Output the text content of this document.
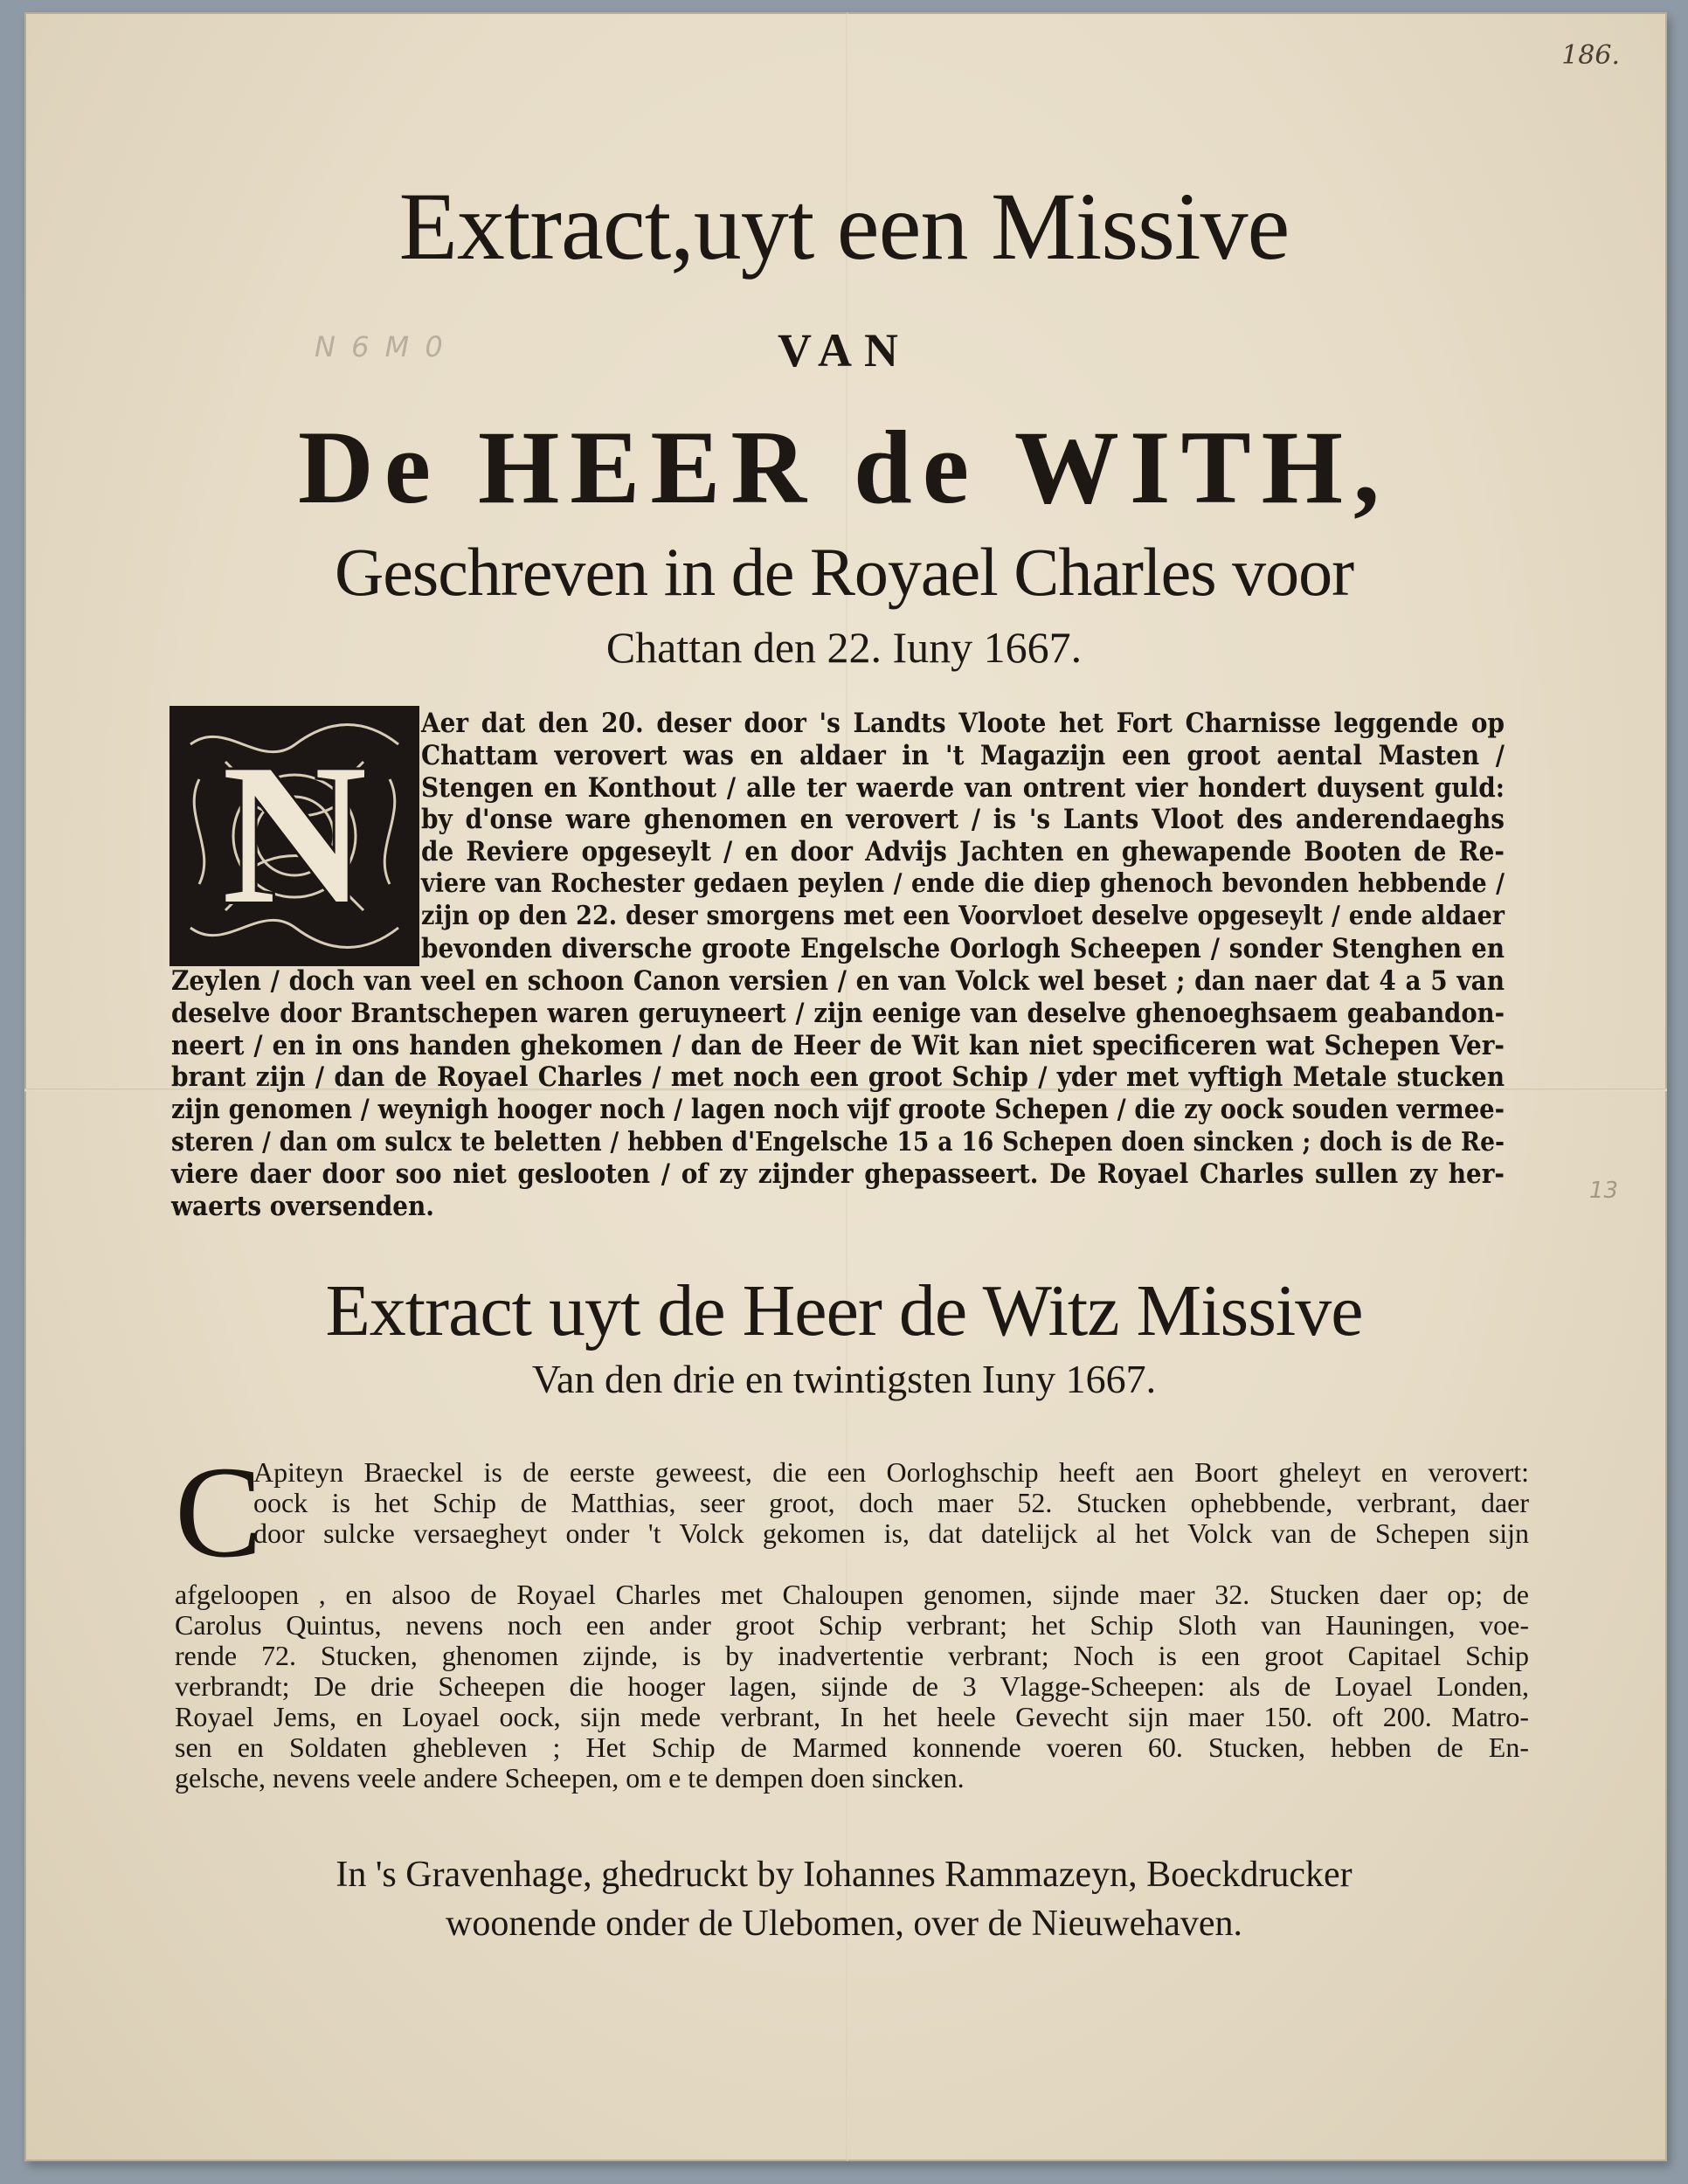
186.
N 6 M 0
13
Extract,uyt een Missive
VAN
De HEER de WITH,
Geschreven in de Royael Charles voor
Chattan den 22. Iuny 1667.
N Aer dat den 20. deser door 's Landts Vloote het Fort Charnisse leggende op
Chattam verovert was en aldaer in 't Magazijn een groot aental Masten /
Stengen en Konthout / alle ter waerde van ontrent vier hondert duysent guld:
by d'onse ware ghenomen en verovert / is 's Lants Vloot des anderendaeghs
de Reviere opgeseylt / en door Advijs Jachten en ghewapende Booten de Re-
viere van Rochester gedaen peylen / ende die diep ghenoch bevonden hebbende /
zijn op den 22. deser smorgens met een Voorvloet deselve opgeseylt / ende aldaer
bevonden diversche groote Engelsche Oorlogh Scheepen / sonder Stenghen en
Zeylen / doch van veel en schoon Canon versien / en van Volck wel beset ; dan naer dat 4 a 5 van
deselve door Brantschepen waren geruyneert / zijn eenige van deselve ghenoeghsaem geabandon-
neert / en in ons handen ghekomen / dan de Heer de Wit kan niet specificeren wat Schepen Ver-
brant zijn / dan de Royael Charles / met noch een groot Schip / yder met vyftigh Metale stucken
zijn genomen / weynigh hooger noch / lagen noch vijf groote Schepen / die zy oock souden vermee-
steren / dan om sulcx te beletten / hebben d'Engelsche 15 a 16 Schepen doen sincken ; doch is de Re-
viere daer door soo niet geslooten / of zy zijnder ghepasseert. De Royael Charles sullen zy her-
waerts oversenden.
Extract uyt de Heer de Witz Missive
Van den drie en twintigsten Iuny 1667.
C
Apiteyn Braeckel is de eerste geweest, die een Oorloghschip heeft aen Boort gheleyt en verovert:
oock is het Schip de Matthias, seer groot, doch maer 52. Stucken ophebbende, verbrant, daer
door sulcke versaegheyt onder 't Volck gekomen is, dat datelijck al het Volck van de Schepen sijn
afgeloopen , en alsoo de Royael Charles met Chaloupen genomen, sijnde maer 32. Stucken daer op; de
Carolus Quintus, nevens noch een ander groot Schip verbrant; het Schip Sloth van Hauningen, voe-
rende 72. Stucken, ghenomen zijnde, is by inadvertentie verbrant; Noch is een groot Capitael Schip
verbrandt; De drie Scheepen die hooger lagen, sijnde de 3 Vlagge-Scheepen: als de Loyael Londen,
Royael Jems, en Loyael oock, sijn mede verbrant, In het heele Gevecht sijn maer 150. oft 200. Matro-
sen en Soldaten ghebleven ; Het Schip de Marmed konnende voeren 60. Stucken, hebben de En-
gelsche, nevens veele andere Scheepen, om e te dempen doen sincken.
In 's Gravenhage, ghedruckt by Iohannes Rammazeyn, Boeckdrucker
woonende onder de Ulebomen, over de Nieuwehaven.
